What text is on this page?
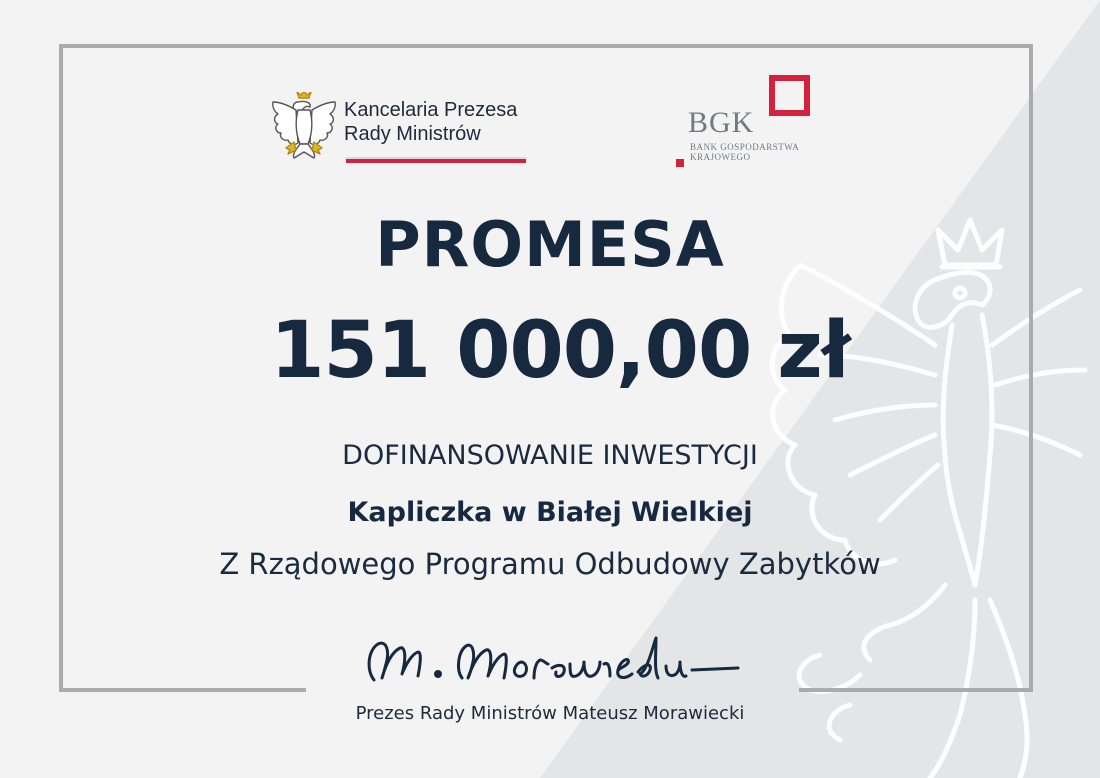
Kancelaria Prezesa
Rady Ministrów	BGK
BANK GOSPODARSTWA
KRAJOWEGO
PROMESA
151 000,00 zł
DOFINANSOWANIE INWESTYCJI
Kapliczka w Białej Wielkiej
Z Rządowego Programu Odbudowy Zabytków
Prezes Rady Ministrów Mateusz Morawiecki
